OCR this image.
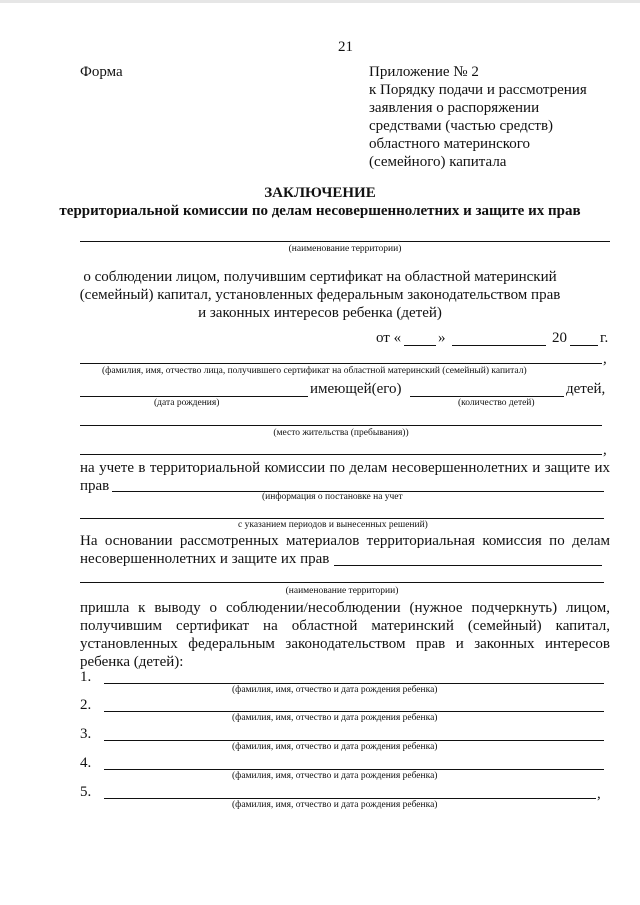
21
Форма	Приложение № 2
к Порядку подачи и рассмотрения
заявления о распоряжении
средствами (частью средств)
областного материнского
(семейного) капитала
ЗАКЛЮЧЕНИЕ
территориальной комиссии по делам несовершеннолетних и защите их прав
(наименование территории)
о соблюдении лицом, получившим сертификат на областной материнский
(семейный) капитал, установленных федеральным законодательством прав
и законных интересов ребенка (детей)
от « »	20 г.
,
(фамилия, имя, отчество лица, получившего сертификат на областной материнский (семейный) капитал)
имеющей(его)	детей,
(дата рождения)	(количество детей)
(место жительства (пребывания))
,
на учете в территориальной комиссии по делам несовершеннолетних и защите их
прав
(информация о постановке на учет
с указанием периодов и вынесенных решений)
На основании рассмотренных материалов территориальная комиссия по делам
несовершеннолетних и защите их прав
(наименование территории)
пришла к выводу о соблюдении/несоблюдении (нужное подчеркнуть) лицом,
получившим сертификат на областной материнский (семейный) капитал,
установленных федеральным законодательством прав и законных интересов
ребенка (детей):
1.
(фамилия, имя, отчество и дата рождения ребенка)
2.
(фамилия, имя, отчество и дата рождения ребенка)
3.
(фамилия, имя, отчество и дата рождения ребенка)
4.
(фамилия, имя, отчество и дата рождения ребенка)
5.	,
(фамилия, имя, отчество и дата рождения ребенка)
